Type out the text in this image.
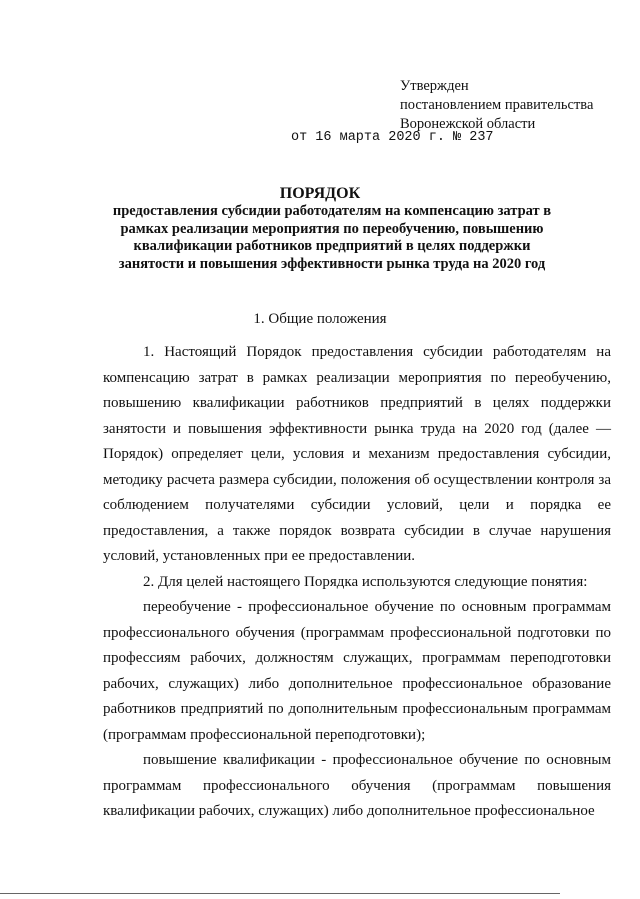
Утвержден
постановлением правительства
Воронежской области
от 16 марта 2020 г. № 237
ПОРЯДОК
предоставления субсидии работодателям на компенсацию затрат в рамках реализации мероприятия по переобучению, повышению квалификации работников предприятий в целях поддержки занятости и повышения эффективности рынка труда на 2020 год
1. Общие положения

1. Настоящий Порядок предоставления субсидии работодателям на компенсацию затрат в рамках реализации мероприятия по переобучению, повышению квалификации работников предприятий в целях поддержки занятости и повышения эффективности рынка труда на 2020 год (далее — Порядок) определяет цели, условия и механизм предоставления субсидии, методику расчета размера субсидии, положения об осуществлении контроля за соблюдением получателями субсидии условий, цели и порядка ее предоставления, а также порядок возврата субсидии в случае нарушения условий, установленных при ее предоставлении.

2. Для целей настоящего Порядка используются следующие понятия:

переобучение - профессиональное обучение по основным программам профессионального обучения (программам профессиональной подготовки по профессиям рабочих, должностям служащих, программам переподготовки рабочих, служащих) либо дополнительное профессиональное образование работников предприятий по дополнительным профессиональным программам (программам профессиональной переподготовки);

повышение квалификации - профессиональное обучение по основным программам профессионального обучения (программам повышения квалификации рабочих, служащих) либо дополнительное профессиональное
